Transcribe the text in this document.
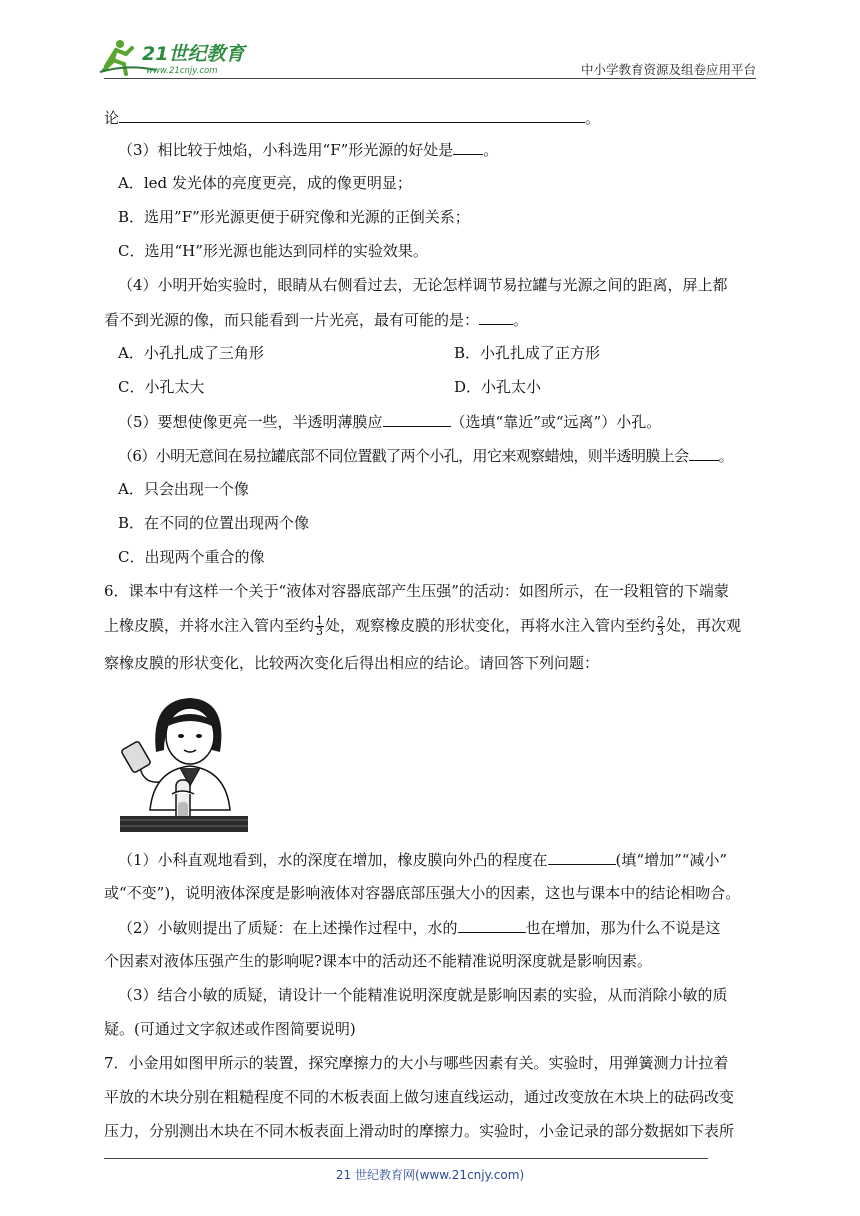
21世纪教育
www.21cnjy.com	中小学教育资源及组卷应用平台
论	。
（3）相比较于烛焰，小科选用“F”形光源的好处是 。
A．led 发光体的亮度更亮，成的像更明显；
B．选用”F”形光源更便于研究像和光源的正倒关系；
C．选用“H”形光源也能达到同样的实验效果。
（4）小明开始实验时，眼睛从右侧看过去，无论怎样调节易拉罐与光源之间的距离，屏上都
看不到光源的像，而只能看到一片光亮，最有可能的是： 。
A．小孔扎成了三角形	B．小孔扎成了正方形
C．小孔太大	D．小孔太小
（5）要想使像更亮一些，半透明薄膜应	（选填“靠近”或“远离”）小孔。
（6）小明无意间在易拉罐底部不同位置戳了两个小孔，用它来观察蜡烛，则半透明膜上会 。
A．只会出现一个像
B．在不同的位置出现两个像
C．出现两个重合的像
6．课本中有这样一个关于“液体对容器底部产生压强”的活动：如图所示，在一段粗管的下端蒙
上橡皮膜，并将水注入管内至约 $\frac{1}{3}$ 处，观察橡皮膜的形状变化，再将水注入管内至约 $\frac{2}{3}$ 处，再次观
察橡皮膜的形状变化，比较两次变化后得出相应的结论。请回答下列问题：
（1）小科直观地看到，水的深度在增加，橡皮膜向外凸的程度在	(填“增加”“减小”
或“不变”)，说明液体深度是影响液体对容器底部压强大小的因素，这也与课本中的结论相吻合。
（2）小敏则提出了质疑：在上述操作过程中，水的	也在增加，那为什么不说是这
个因素对液体压强产生的影响呢?课本中的活动还不能精准说明深度就是影响因素。
（3）结合小敏的质疑，请设计一个能精准说明深度就是影响因素的实验，从而消除小敏的质
疑。(可通过文字叙述或作图简要说明)
7．小金用如图甲所示的装置，探究摩擦力的大小与哪些因素有关。实验时，用弹簧测力计拉着
平放的木块分别在粗糙程度不同的木板表面上做匀速直线运动，通过改变放在木块上的砝码改变
压力，分别测出木块在不同木板表面上滑动时的摩擦力。实验时，小金记录的部分数据如下表所
21 世纪教育网(www.21cnjy.com)
